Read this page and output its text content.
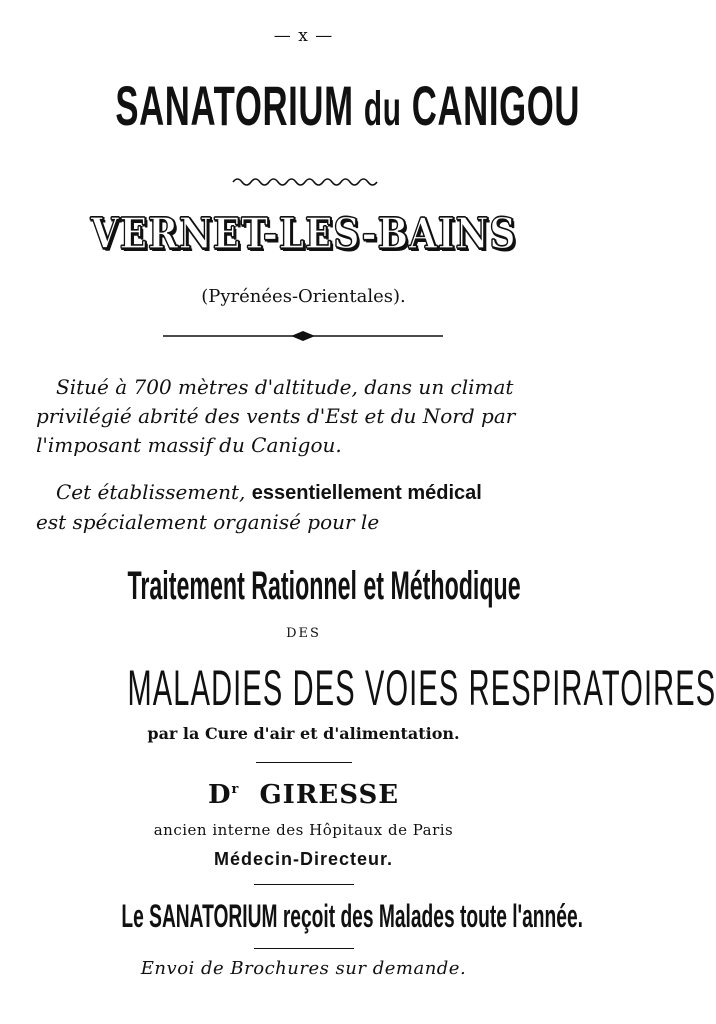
— x —
SANATORIUM du CANIGOU
VERNET-LES-BAINS
(Pyrénées-Orientales).
Situé à 700 mètres d'altitude, dans un climat
privilégié abrité des vents d'Est et du Nord par
l'imposant massif du Canigou.
Cet établissement, essentiellement médical
est spécialement organisé pour le
Traitement Rationnel et Méthodique
DES
MALADIES DES VOIES RESPIRATOIRES
par la Cure d'air et d'alimentation.
$D^r$ GIRESSE
ancien interne des Hôpitaux de Paris
Médecin-Directeur.
Le SANATORIUM reçoit des Malades toute l'année.
Envoi de Brochures sur demande.
